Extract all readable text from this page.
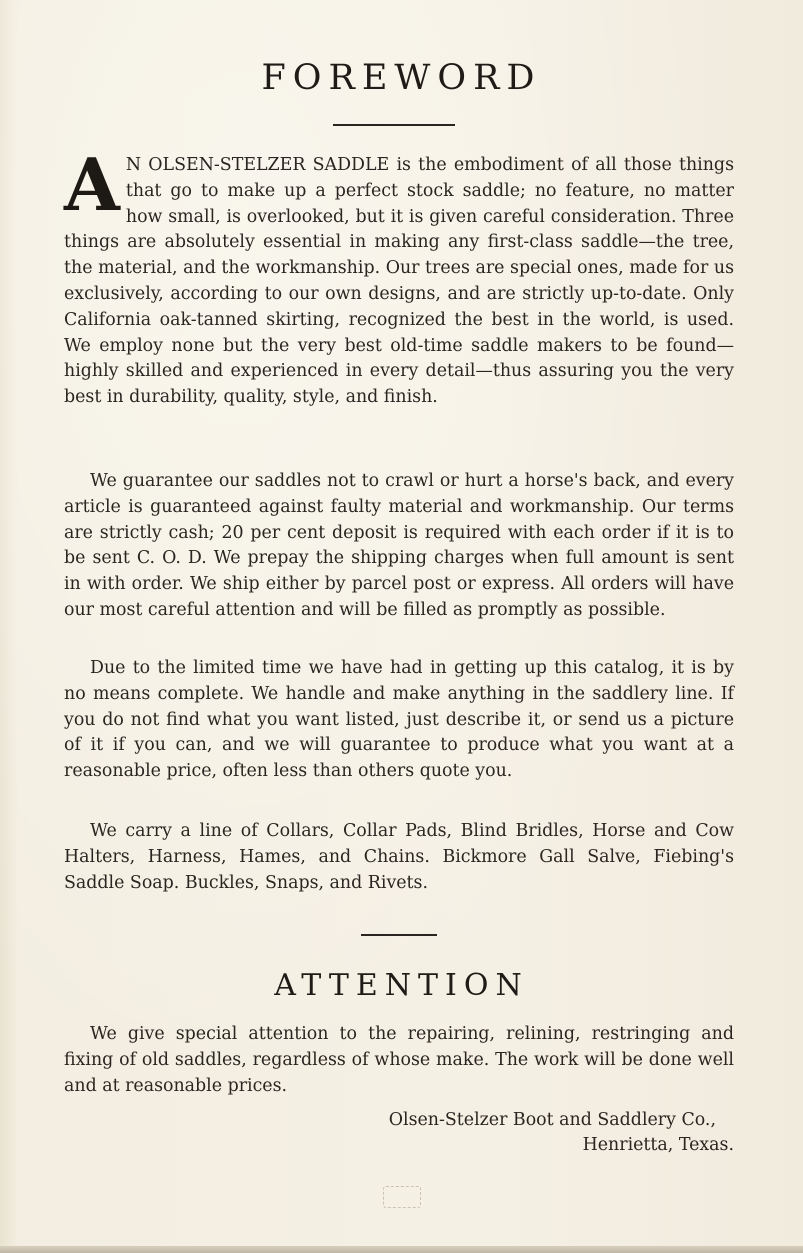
FOREWORD

A N OLSEN-STELZER SADDLE is the embodiment of all those things that go to make up a perfect stock saddle; no feature, no matter how small, is overlooked, but it is given careful consideration. Three things are absolutely essential in making any first-class saddle—the tree, the material, and the workmanship. Our trees are special ones, made for us exclusively, according to our own designs, and are strictly up-to-date. Only California oak-tanned skirting, recognized the best in the world, is used. We employ none but the very best old-time saddle makers to be found—highly skilled and experienced in every detail—thus assuring you the very best in durability, quality, style, and finish.

We guarantee our saddles not to crawl or hurt a horse's back, and every article is guaranteed against faulty material and workmanship. Our terms are strictly cash; 20 per cent deposit is required with each order if it is to be sent C. O. D. We prepay the shipping charges when full amount is sent in with order. We ship either by parcel post or express. All orders will have our most careful attention and will be filled as promptly as possible.

Due to the limited time we have had in getting up this catalog, it is by no means complete. We handle and make anything in the saddlery line. If you do not find what you want listed, just describe it, or send us a picture of it if you can, and we will guarantee to produce what you want at a reasonable price, often less than others quote you.

We carry a line of Collars, Collar Pads, Blind Bridles, Horse and Cow Halters, Harness, Hames, and Chains. Bickmore Gall Salve, Fiebing's Saddle Soap. Buckles, Snaps, and Rivets.

ATTENTION

We give special attention to the repairing, relining, restringing and fixing of old saddles, regardless of whose make. The work will be done well and at reasonable prices.

Olsen-Stelzer Boot and Saddlery Co.,

Henrietta, Texas.
